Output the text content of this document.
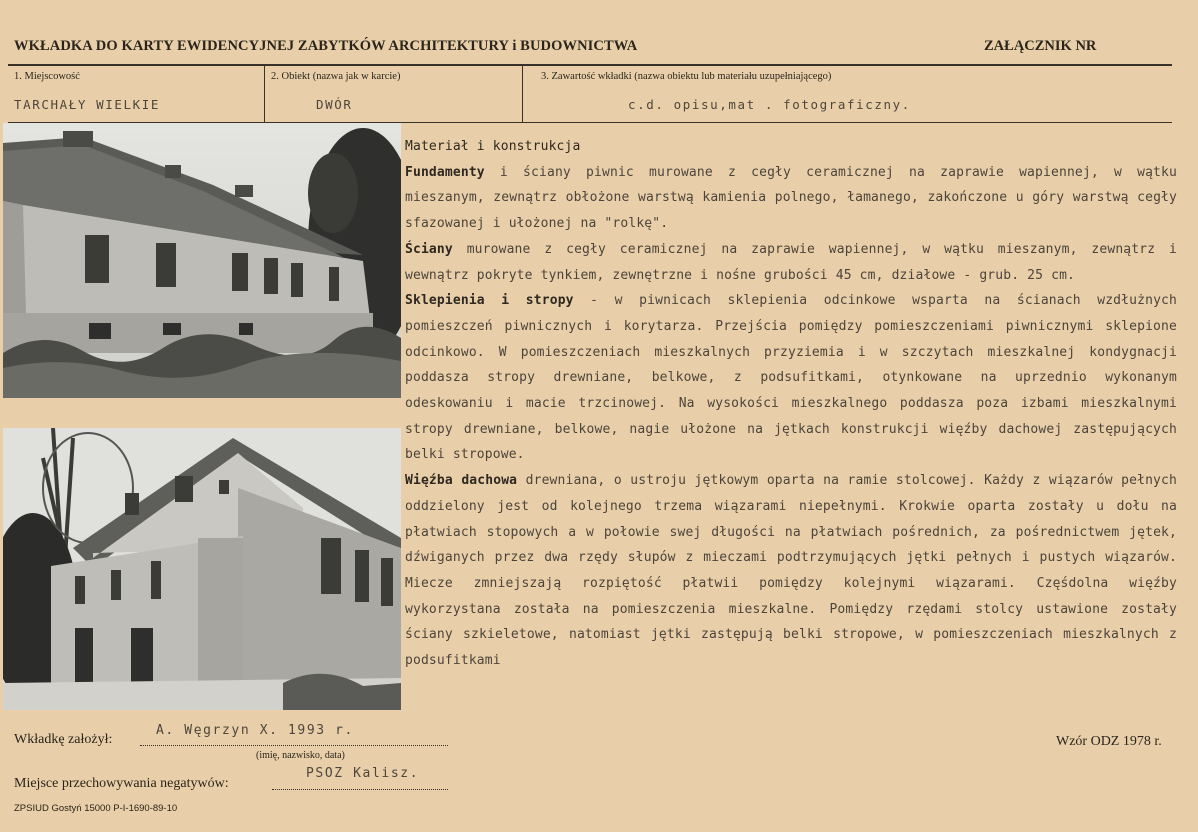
WKŁADKA DO KARTY EWIDENCYJNEJ ZABYTKÓW ARCHITEKTURY i BUDOWNICTWA	ZAŁĄCZNIK NR
1. Miejscowość
TARCHAŁY WIELKIE
2. Obiekt (nazwa jak w karcie)
DWÓR
3. Zawartość wkładki (nazwa obiektu lub materiału uzupełniającego)
c.d. opisu,mat . fotograficzny.

Materiał i konstrukcja

Fundamenty i ściany piwnic murowane z cegły ceramicznej na zaprawie wapiennej, w wątku mieszanym, zewnątrz obłożone warstwą kamienia polnego, łamanego, zakończone u góry warstwą cegły sfazowanej i ułożonej na "rolkę".

Ściany murowane z cegły ceramicznej na zaprawie wapiennej, w wątku mieszanym, zewnątrz i wewnątrz pokryte tynkiem, zewnętrzne i nośne grubości 45 cm, działowe - grub. 25 cm.

Sklepienia i stropy - w piwnicach sklepienia odcinkowe wsparta na ścianach wzdłużnych pomieszczeń piwnicznych i korytarza. Przejścia pomiędzy pomieszczeniami piwnicznymi sklepione odcinkowo. W pomieszczeniach mieszkalnych przyziemia i w szczytach mieszkalnej kondygnacji poddasza stropy drewniane, belkowe, z podsufitkami, otynkowane na uprzednio wykonanym odeskowaniu i macie trzcinowej. Na wysokości mieszkalnego poddasza poza izbami mieszkalnymi stropy drewniane, belkowe, nagie ułożone na jętkach konstrukcji więźby dachowej zastępujących belki stropowe.

Więźba dachowa drewniana, o ustroju jętkowym oparta na ramie stolcowej. Każdy z wiązarów pełnych oddzielony jest od kolejnego trzema wiązarami niepełnymi. Krokwie oparta zostały u dołu na płatwiach stopowych a w połowie swej długości na płatwiach pośrednich, za pośrednictwem jętek, dźwiganych przez dwa rzędy słupów z mieczami podtrzymujących jętki pełnych i pustych wiązarów. Miecze zmniejszają rozpiętość płatwii pomiędzy kolejnymi wiązarami. Częśdolna więźby wykorzystana została na pomieszczenia mieszkalne. Pomiędzy rzędami stolcy ustawione zostały ściany szkieletowe, natomiast jętki zastępują belki stropowe, w pomieszczeniach mieszkalnych z podsufitkami

Wkładkę założył:
A. Węgrzyn X. 1993 r.
(imię, nazwisko, data)
Miejsce przechowywania negatywów:
PSOZ Kalisz.
Wzór ODZ 1978 r.
ZPSIUD Gostyń 15000 P-I-1690-89-10
